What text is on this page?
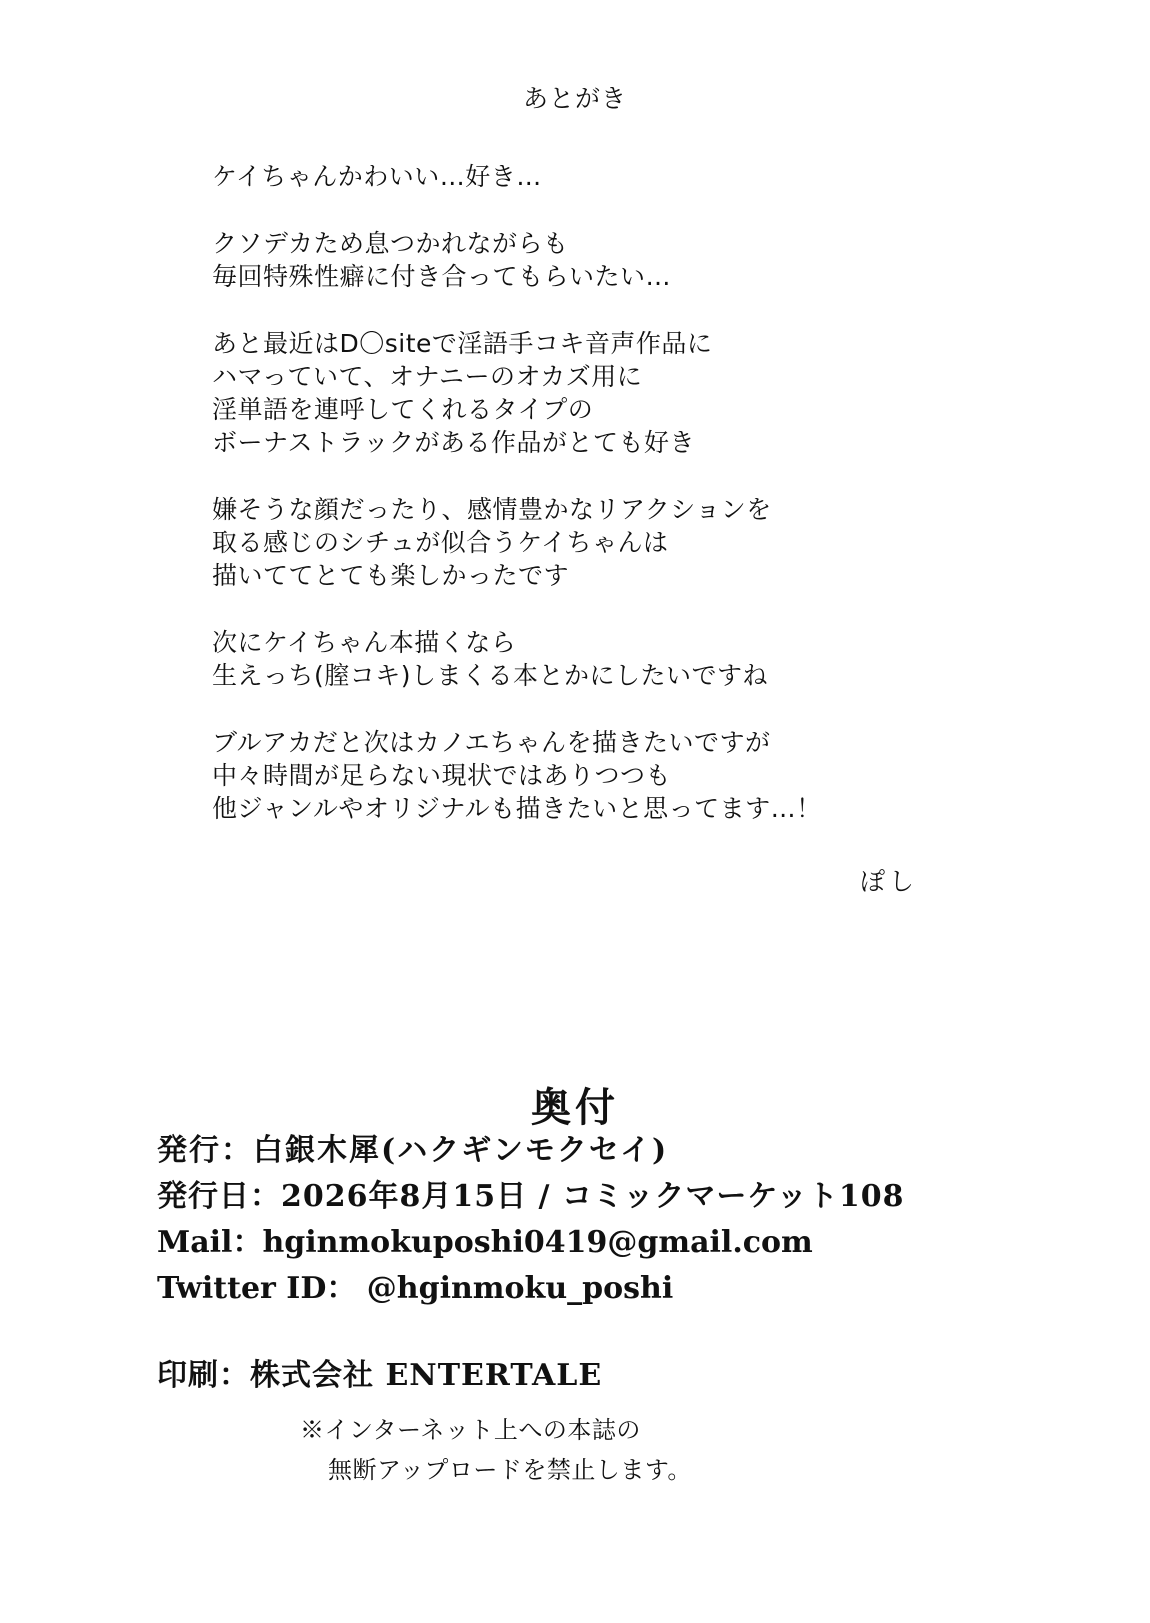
あとがき
ケイちゃんかわいい…好き…
クソデカため息つかれながらも
毎回特殊性癖に付き合ってもらいたい…
あと最近はD〇siteで淫語手コキ音声作品に
ハマっていて、オナニーのオカズ用に
淫単語を連呼してくれるタイプの
ボーナストラックがある作品がとても好き
嫌そうな顔だったり、感情豊かなリアクションを
取る感じのシチュが似合うケイちゃんは
描いててとても楽しかったです
次にケイちゃん本描くなら
生えっち(膣コキ)しまくる本とかにしたいですね
ブルアカだと次はカノエちゃんを描きたいですが
中々時間が足らない現状ではありつつも
他ジャンルやオリジナルも描きたいと思ってます…！
ぽし
奥付
発行：白銀木犀(ハクギンモクセイ)
発行日：2026年8月15日 / コミックマーケット108
Mail：hginmokuposhi0419@gmail.com
Twitter ID： @hginmoku_poshi
印刷：株式会社 ENTERTALE
※インターネット上への本誌の
無断アップロードを禁止します。
